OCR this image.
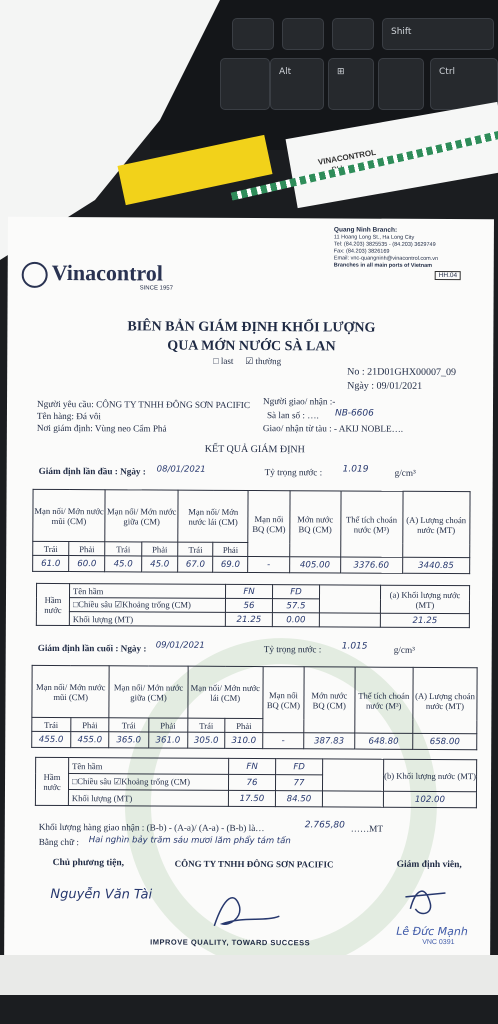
Shift
Alt	⊞	Ctrl
VINACONTROL
Vinacontrol
SINCE 1957
Quang Ninh Branch:
11 Hoang Long St., Ha Long City
Tel: (84.203) 3825535 - (84.203) 3629749
Fax: (84.203) 3826169
Email: vnc-quangninh@vinacontrol.com.vn
Branches in all main ports of Vietnam
HH.04
BIÊN BẢN GIÁM ĐỊNH KHỐI LƯỢNG
QUA MỚN NƯỚC SÀ LAN
□ last ☑ thường
No : 21D01GHX00007_09
Ngày : 09/01/2021
Người yêu cầu: CÔNG TY TNHH ĐÔNG SƠN PACIFIC
Tên hàng: Đá vôi
Nơi giám định: Vùng neo Cẩm Phả
Người giao/ nhận :-
Sà lan số : …. NB-6606
Giao/ nhận từ tàu : - AKIJ NOBLE….
KẾT QUẢ GIÁM ĐỊNH
Giám định lần đầu : Ngày : 08/01/2021	Tỷ trọng nước : 1.019	g/cm³
Mạn nối/ Mớn nước mũi (CM)		Mạn nối/ Mớn nước giữa (CM)		Mạn nối/ Mớn nước lái (CM)		Mạn nối BQ (CM)	Mớn nước BQ (CM)	Thể tích choán nước (M³)	(A) Lượng choán nước (MT)
Trái	Phải	Trái	Phải	Trái	Phải				
61.0	60.0	45.0	45.0	67.0	69.0	-	405.00	3376.60	3440.85
Hầm nước	Tên hầm	FN	FD		(a) Khối lượng nước (MT)
	□Chiều sâu ☑Khoảng trống (CM)	56	57.5		
	Khối lượng (MT)	21.25	0.00		21.25
Giám định lần cuối : Ngày : 09/01/2021	Tỷ trọng nước : 1.015	g/cm³
Mạn nối/ Mớn nước mũi (CM)		Mạn nối/ Mớn nước giữa (CM)		Mạn nối/ Mớn nước lái (CM)		Mạn nối BQ (CM)	Mớn nước BQ (CM)	Thể tích choán nước (M³)	(A) Lượng choán nước (MT)
Trái	Phải	Trái	Phải	Trái	Phải				
455.0	455.0	365.0	361.0	305.0	310.0	-	387.83	648.80	658.00
Hầm nước	Tên hầm	FN	FD		(b) Khối lượng nước (MT)
	□Chiều sâu ☑Khoảng trống (CM)	76	77		
	Khối lượng (MT)	17.50	84.50		102.00
Khối lượng hàng giao nhận : (B-b) - (A-a)/ (A-a) - (B-b) là…	2.765,80 ……MT
Bằng chữ : Hai nghìn bảy trăm sáu mươi lăm phẩy tám tấn
Chủ phương tiện,	CÔNG TY TNHH ĐÔNG SƠN PACIFIC	Giám định viên,
Nguyễn Văn Tài
Lê Đức Mạnh
VNC 0391
IMPROVE QUALITY, TOWARD SUCCESS
